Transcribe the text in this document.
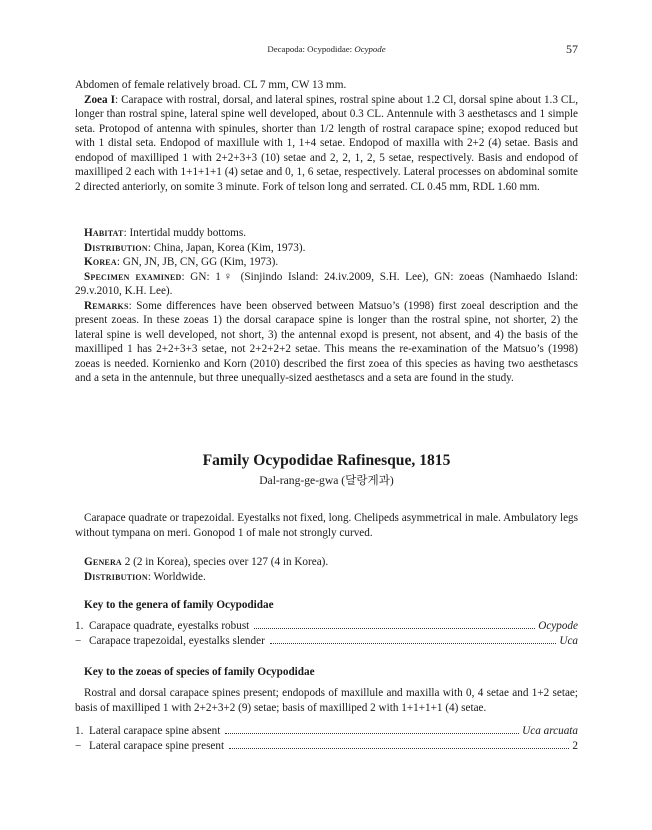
Decapoda: Ocypodidae: Ocypode	57

Abdomen of female relatively broad. CL 7 mm, CW 13 mm.

Zoea I: Carapace with rostral, dorsal, and lateral spines, rostral spine about 1.2 Cl, dorsal spine about 1.3 CL, longer than rostral spine, lateral spine well developed, about 0.3 CL. Antennule with 3 aesthetascs and 1 simple seta. Protopod of antenna with spinules, shorter than 1/2 length of rostral carapace spine; exopod reduced but with 1 distal seta. Endopod of maxillule with 1, 1+4 setae. Endopod of maxilla with 2+2 (4) setae. Basis and endopod of maxilliped 1 with 2+2+3+3 (10) setae and 2, 2, 1, 2, 5 setae, respectively. Basis and endopod of maxilliped 2 each with 1+1+1+1 (4) setae and 0, 1, 6 setae, respectively. Lateral processes on abdominal somite 2 directed anteriorly, on somite 3 minute. Fork of telson long and serrated. CL 0.45 mm, RDL 1.60 mm.

Habitat: Intertidal muddy bottoms.

Distribution: China, Japan, Korea (Kim, 1973).

Korea: GN, JN, JB, CN, GG (Kim, 1973).

Specimen examined: GN: 1♀ (Sinjindo Island: 24.iv.2009, S.H. Lee), GN: zoeas (Namhaedo Island: 29.v.2010, K.H. Lee).

Remarks: Some differences have been observed between Matsuo’s (1998) first zoeal description and the present zoeas. In these zoeas 1) the dorsal carapace spine is longer than the rostral spine, not shorter, 2) the lateral spine is well developed, not short, 3) the antennal exopd is present, not absent, and 4) the basis of the maxilliped 1 has 2+2+3+3 setae, not 2+2+2+2 setae. This means the re-examination of the Matsuo’s (1998) zoeas is needed. Kornienko and Korn (2010) described the first zoea of this species as having two aesthetascs and a seta in the antennule, but three unequally-sized aesthetascs and a seta are found in the study.

Family Ocypodidae Rafinesque, 1815

Dal-rang-ge-gwa (달랑게과)

Carapace quadrate or trapezoidal. Eyestalks not fixed, long. Chelipeds asymmetrical in male. Ambulatory legs without tympana on meri. Gonopod 1 of male not strongly curved.

Genera 2 (2 in Korea), species over 127 (4 in Korea).

Distribution: Worldwide.

Key to the genera of family Ocypodidae

1. Carapace quadrate, eyestalks robust	Ocypode
− Carapace trapezoidal, eyestalks slender	Uca

Key to the zoeas of species of family Ocypodidae

Rostral and dorsal carapace spines present; endopods of maxillule and maxilla with 0, 4 setae and 1+2 setae; basis of maxilliped 1 with 2+2+3+2 (9) setae; basis of maxilliped 2 with 1+1+1+1 (4) setae.

1. Lateral carapace spine absent	Uca arcuata
− Lateral carapace spine present	2
